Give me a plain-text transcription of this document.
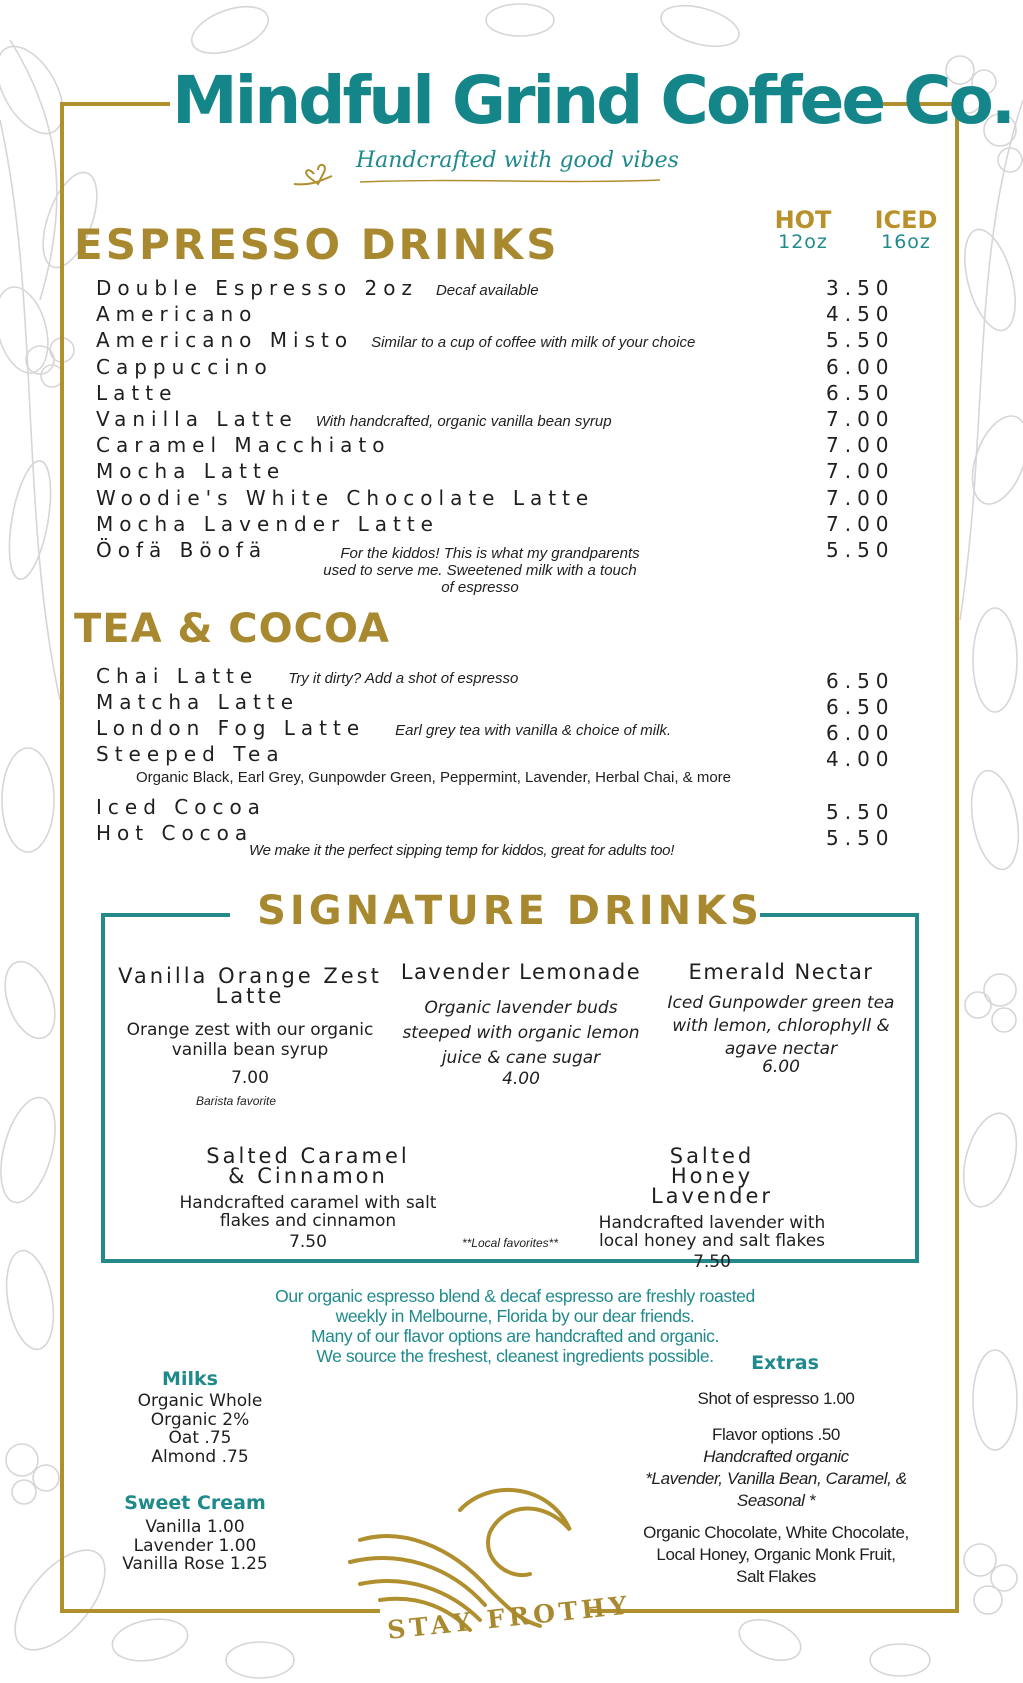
Mindful Grind Coffee Co.
Handcrafted with good vibes
HOT
12oz
ICED
16oz
ESPRESSO DRINKS
Double Espresso 2oz Decaf available	3.50
Americano	4.50
Americano Misto Similar to a cup of coffee with milk of your choice	5.50
Cappuccino	6.00
Latte	6.50
Vanilla Latte With handcrafted, organic vanilla bean syrup	7.00
Caramel Macchiato	7.00
Mocha Latte	7.00
Woodie's White Chocolate Latte	7.00
Mocha Lavender Latte	7.00
Öofä Böofä	5.50
For the kiddos! This is what my grandparents
used to serve me. Sweetened milk with a touch
of espresso
TEA & COCOA
Chai Latte Try it dirty? Add a shot of espresso	6.50
Matcha Latte	6.50
London Fog Latte Earl grey tea with vanilla & choice of milk.	6.00
Steeped Tea	4.00
Iced Cocoa	5.50
Hot Cocoa	5.50
Organic Black, Earl Grey, Gunpowder Green, Peppermint, Lavender, Herbal Chai, & more
We make it the perfect sipping temp for kiddos, great for adults too!
SIGNATURE DRINKS
Vanilla Orange Zest Latte
Orange zest with our organic vanilla bean syrup
7.00
Barista favorite
Lavender Lemonade
Organic lavender buds steeped with organic lemon juice & cane sugar
4.00
Emerald Nectar
Iced Gunpowder green tea with lemon, chlorophyll & agave nectar
6.00
Salted Caramel & Cinnamon
Handcrafted caramel with salt flakes and cinnamon
7.50	**Local favorites**
Salted Honey Lavender
Handcrafted lavender with local honey and salt flakes
7.50
Our organic espresso blend & decaf espresso are freshly roasted
weekly in Melbourne, Florida by our dear friends.
Many of our flavor options are handcrafted and organic.
We source the freshest, cleanest ingredients possible.
Milks
Organic Whole
Organic 2%
Oat .75
Almond .75
Sweet Cream
Vanilla 1.00
Lavender 1.00
Vanilla Rose 1.25
STAY FROTHY
Extras
Shot of espresso 1.00
Flavor options .50
Handcrafted organic
*Lavender, Vanilla Bean, Caramel, &
Seasonal *
Organic Chocolate, White Chocolate,
Local Honey, Organic Monk Fruit,
Salt Flakes
